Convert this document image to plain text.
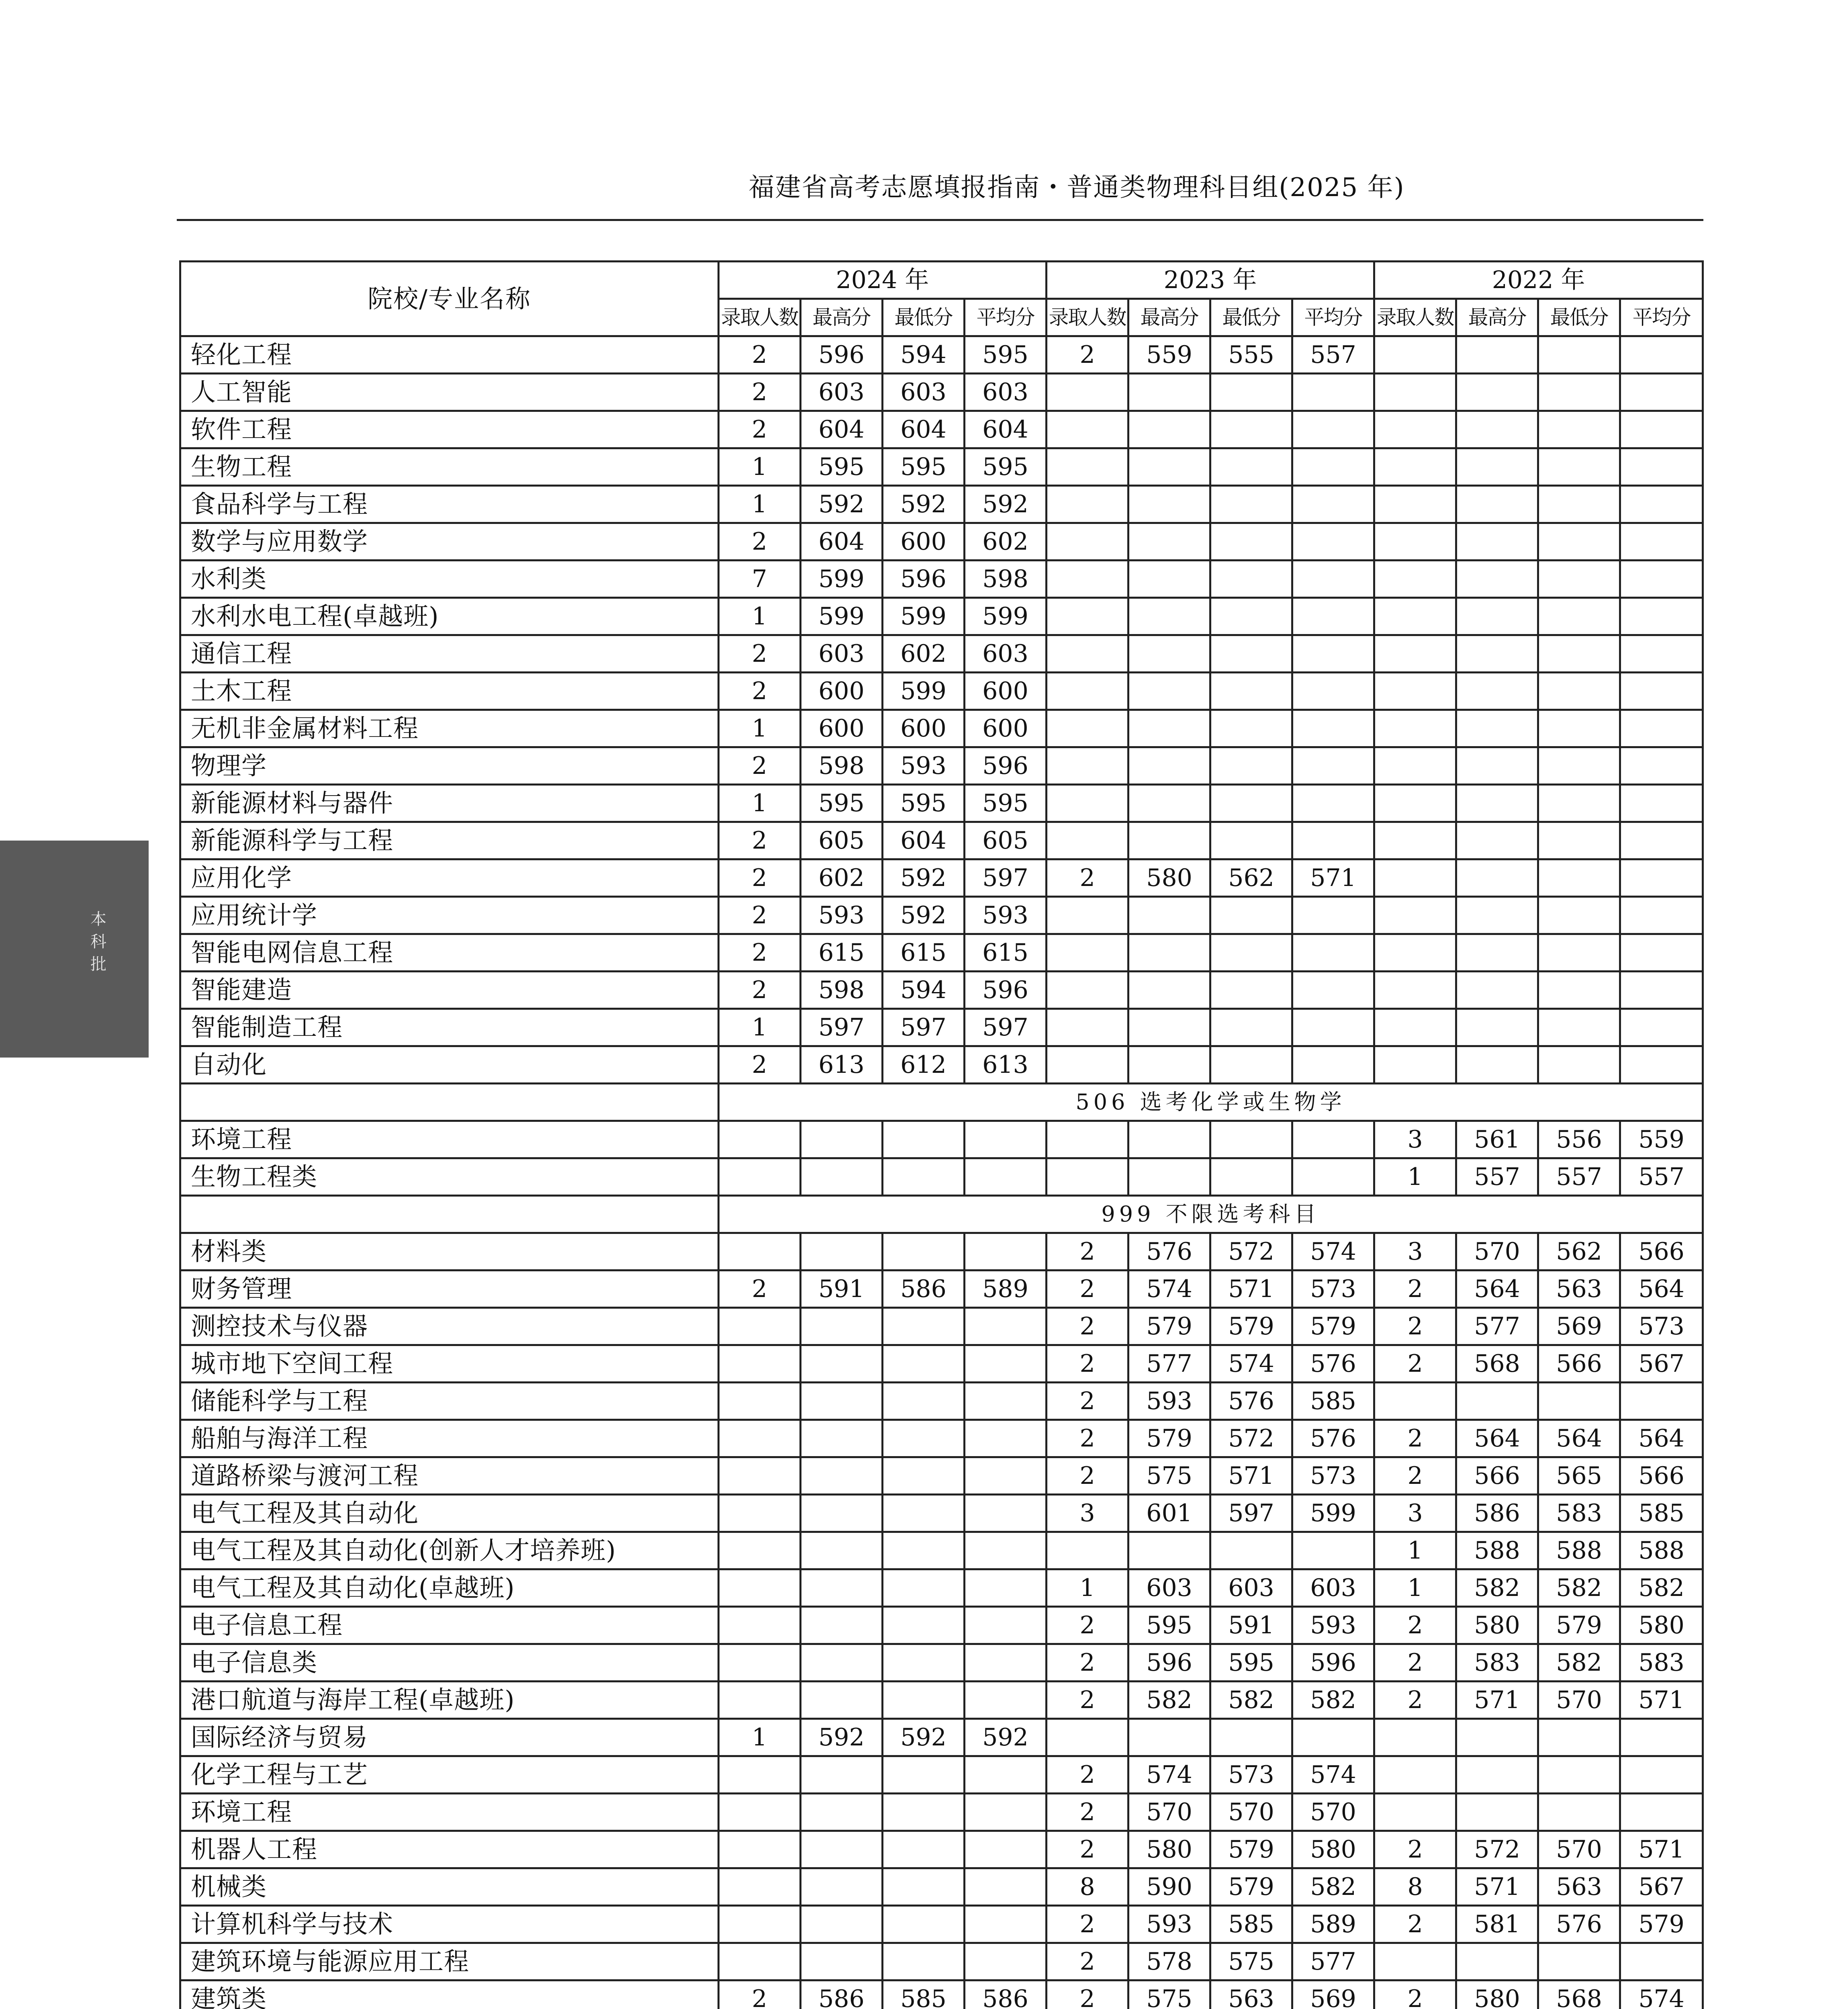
福建省高考志愿填报指南・普通类物理科目组(2025 年)
本
科
批
院校/专业名称	2024 年				2023 年				2022 年			
	录取人数	最高分	最低分	平均分	录取人数	最高分	最低分	平均分	录取人数	最高分	最低分	平均分
轻化工程	2	596	594	595	2	559	555	557				
人工智能	2	603	603	603								
软件工程	2	604	604	604								
生物工程	1	595	595	595								
食品科学与工程	1	592	592	592								
数学与应用数学	2	604	600	602								
水利类	7	599	596	598								
水利水电工程(卓越班)	1	599	599	599								
通信工程	2	603	602	603								
土木工程	2	600	599	600								
无机非金属材料工程	1	600	600	600								
物理学	2	598	593	596								
新能源材料与器件	1	595	595	595								
新能源科学与工程	2	605	604	605								
应用化学	2	602	592	597	2	580	562	571				
应用统计学	2	593	592	593								
智能电网信息工程	2	615	615	615								
智能建造	2	598	594	596								
智能制造工程	1	597	597	597								
自动化	2	613	612	613								
	506 选考化学或生物学											
环境工程									3	561	556	559
生物工程类									1	557	557	557
	999 不限选考科目											
材料类					2	576	572	574	3	570	562	566
财务管理	2	591	586	589	2	574	571	573	2	564	563	564
测控技术与仪器					2	579	579	579	2	577	569	573
城市地下空间工程					2	577	574	576	2	568	566	567
储能科学与工程					2	593	576	585				
船舶与海洋工程					2	579	572	576	2	564	564	564
道路桥梁与渡河工程					2	575	571	573	2	566	565	566
电气工程及其自动化					3	601	597	599	3	586	583	585
电气工程及其自动化(创新人才培养班)									1	588	588	588
电气工程及其自动化(卓越班)					1	603	603	603	1	582	582	582
电子信息工程					2	595	591	593	2	580	579	580
电子信息类					2	596	595	596	2	583	582	583
港口航道与海岸工程(卓越班)					2	582	582	582	2	571	570	571
国际经济与贸易	1	592	592	592								
化学工程与工艺					2	574	573	574				
环境工程					2	570	570	570				
机器人工程					2	580	579	580	2	572	570	571
机械类					8	590	579	582	8	571	563	567
计算机科学与技术					2	593	585	589	2	581	576	579
建筑环境与能源应用工程					2	578	575	577				
建筑类	2	586	585	586	2	575	563	569	2	580	568	574
